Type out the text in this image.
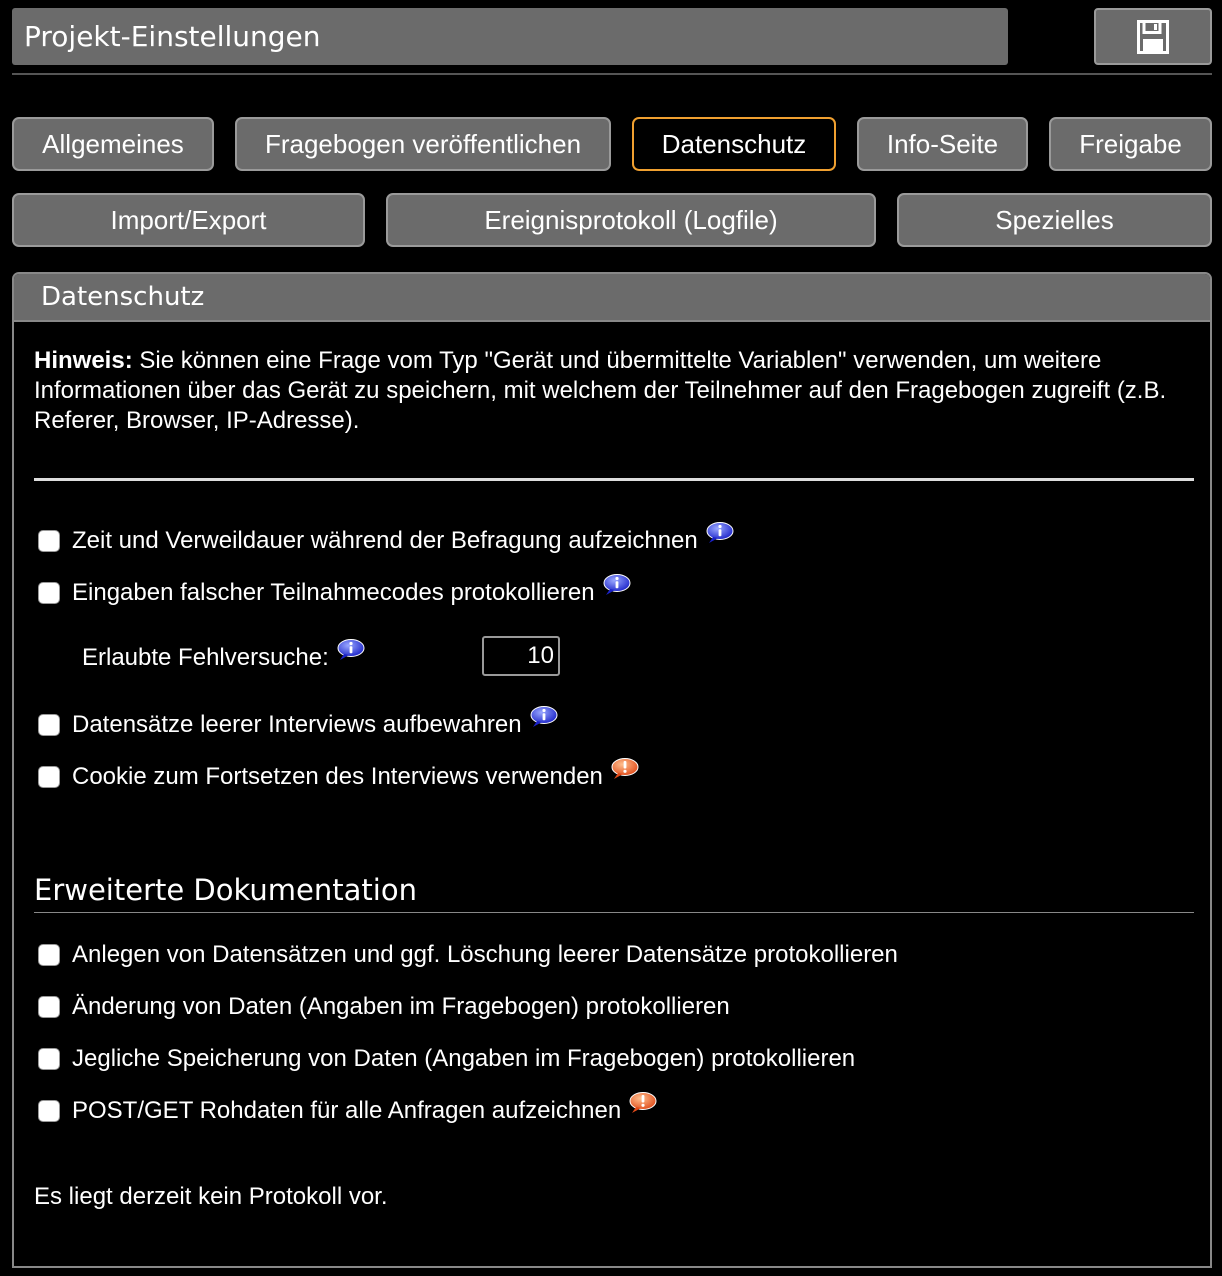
Projekt-Einstellungen
Allgemeines	Fragebogen veröffentlichen	Datenschutz	Info-Seite	Freigabe
Import/Export	Ereignisprotokoll (Logfile)	Spezielles
Datenschutz
Hinweis: Sie können eine Frage vom Typ "Gerät und übermittelte Variablen" verwenden, um weitere Informationen über das Gerät zu speichern, mit welchem der Teilnehmer auf den Fragebogen zugreift (z.B. Referer, Browser, IP-Adresse).
Zeit und Verweildauer während der Befragung aufzeichnen
Eingaben falscher Teilnahmecodes protokollieren
Erlaubte Fehlversuche:	10
Datensätze leerer Interviews aufbewahren
Cookie zum Fortsetzen des Interviews verwenden
Erweiterte Dokumentation
Anlegen von Datensätzen und ggf. Löschung leerer Datensätze protokollieren
Änderung von Daten (Angaben im Fragebogen) protokollieren
Jegliche Speicherung von Daten (Angaben im Fragebogen) protokollieren
POST/GET Rohdaten für alle Anfragen aufzeichnen
Es liegt derzeit kein Protokoll vor.
